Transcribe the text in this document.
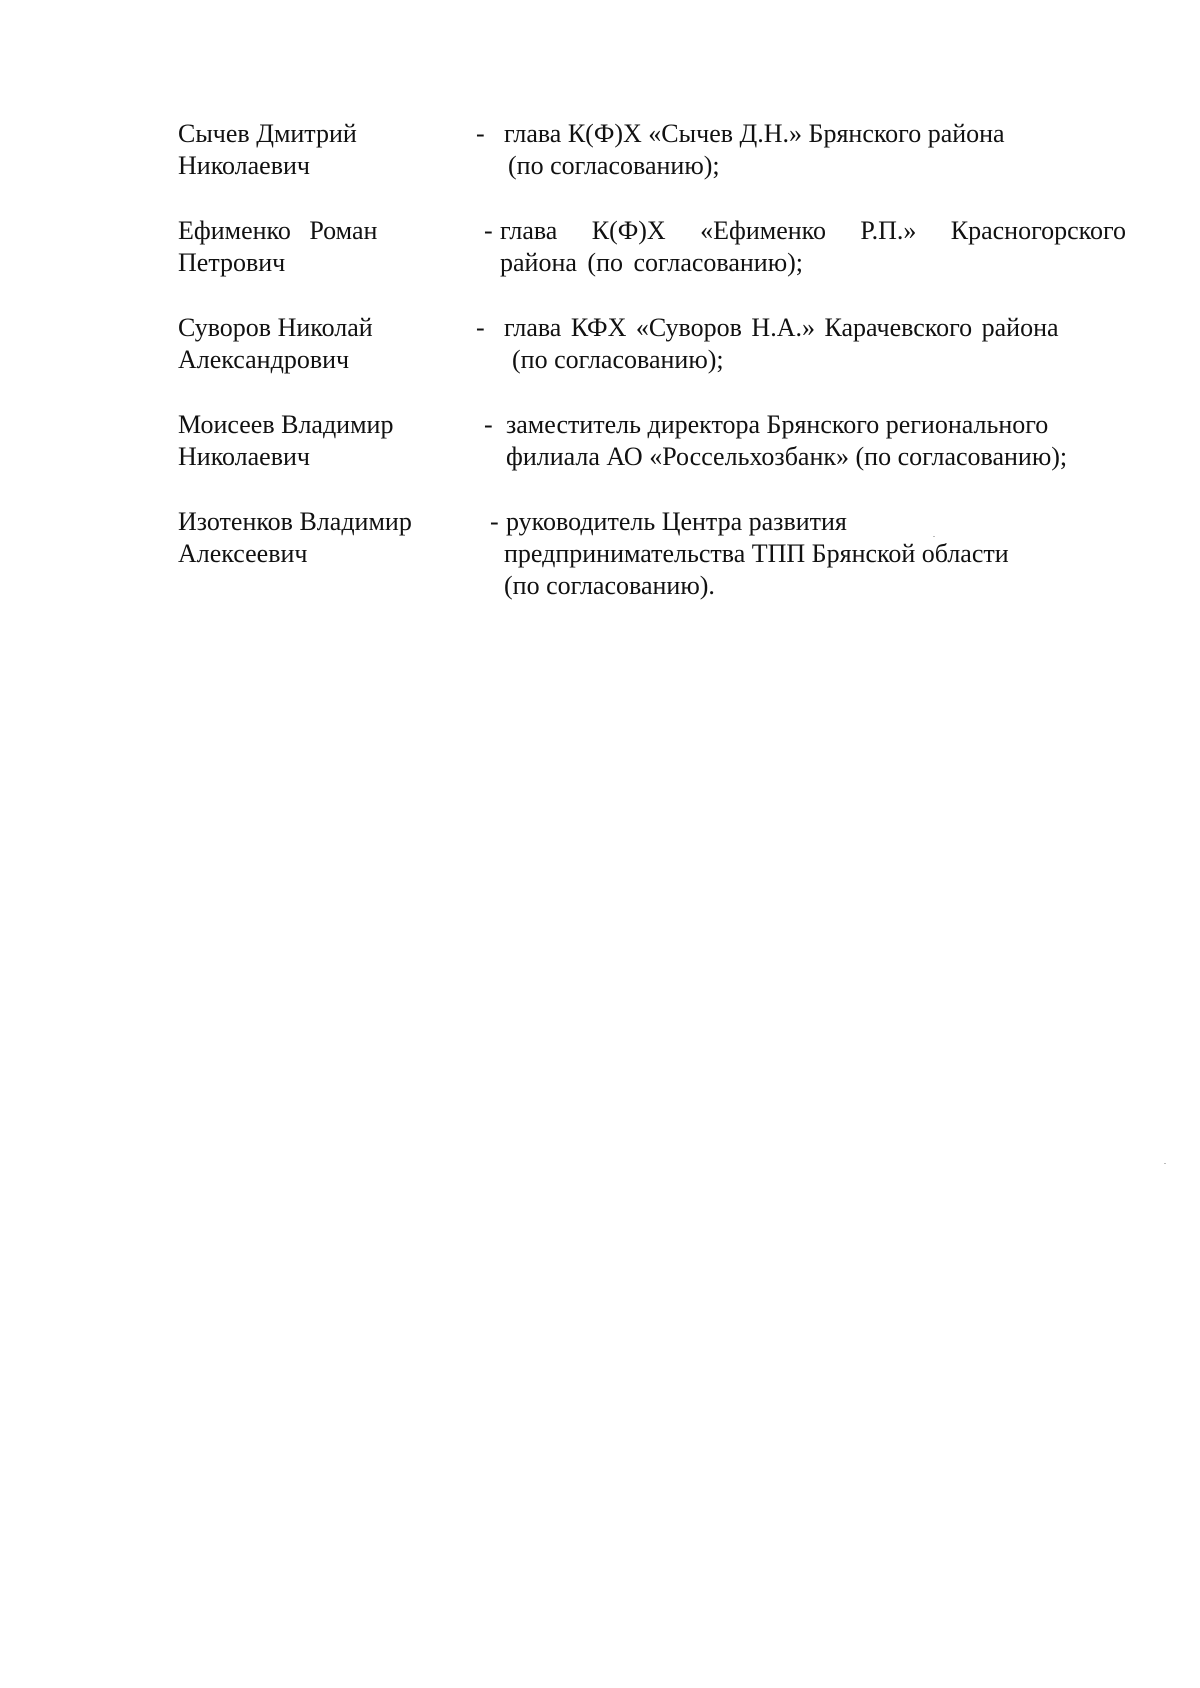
Сычев Дмитрий
Николаевич
- глава К(Ф)Х «Сычев Д.Н.» Брянского района
(по согласованию);
Ефименко Роман
Петрович
- глава К(Ф)Х «Ефименко Р.П.» Красногорского
района (по согласованию);
Суворов Николай
Александрович
- глава КФХ «Суворов Н.А.» Карачевского района
(по согласованию);
Моисеев Владимир
Николаевич
- заместитель директора Брянского регионального
филиала АО «Россельхозбанк» (по согласованию);
Изотенков Владимир
Алексеевич
- руководитель Центра развития
предпринимательства ТПП Брянской области
(по согласованию).
